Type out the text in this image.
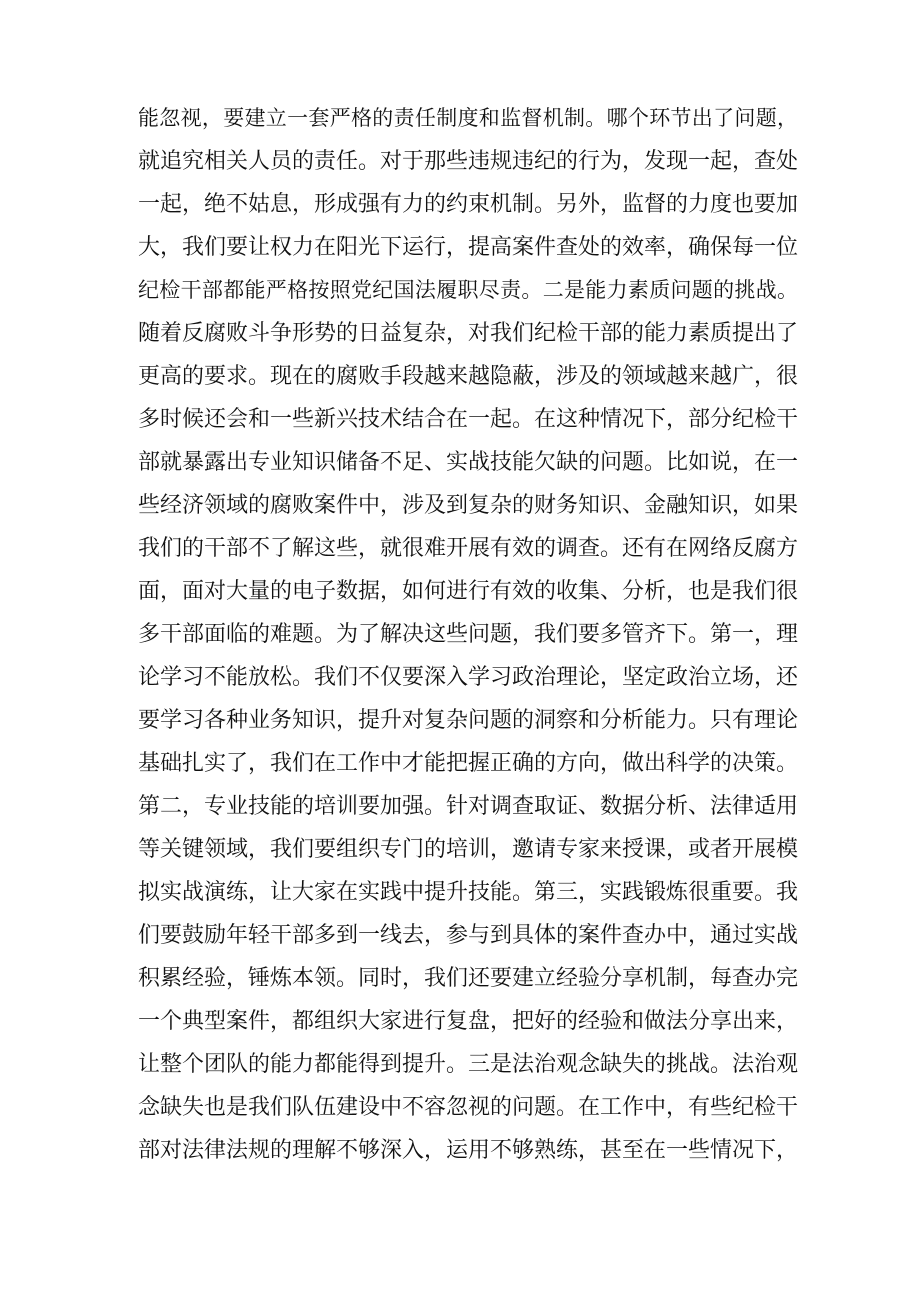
能忽视，要建立一套严格的责任制度和监督机制。哪个环节出了问题，
就追究相关人员的责任。对于那些违规违纪的行为，发现一起，查处
一起，绝不姑息，形成强有力的约束机制。另外，监督的力度也要加
大，我们要让权力在阳光下运行，提高案件查处的效率，确保每一位
纪检干部都能严格按照党纪国法履职尽责。二是能力素质问题的挑战。
随着反腐败斗争形势的日益复杂，对我们纪检干部的能力素质提出了
更高的要求。现在的腐败手段越来越隐蔽，涉及的领域越来越广，很
多时候还会和一些新兴技术结合在一起。在这种情况下，部分纪检干
部就暴露出专业知识储备不足、实战技能欠缺的问题。比如说，在一
些经济领域的腐败案件中，涉及到复杂的财务知识、金融知识，如果
我们的干部不了解这些，就很难开展有效的调查。还有在网络反腐方
面，面对大量的电子数据，如何进行有效的收集、分析，也是我们很
多干部面临的难题。为了解决这些问题，我们要多管齐下。第一，理
论学习不能放松。我们不仅要深入学习政治理论，坚定政治立场，还
要学习各种业务知识，提升对复杂问题的洞察和分析能力。只有理论
基础扎实了，我们在工作中才能把握正确的方向，做出科学的决策。
第二，专业技能的培训要加强。针对调查取证、数据分析、法律适用
等关键领域，我们要组织专门的培训，邀请专家来授课，或者开展模
拟实战演练，让大家在实践中提升技能。第三，实践锻炼很重要。我
们要鼓励年轻干部多到一线去，参与到具体的案件查办中，通过实战
积累经验，锤炼本领。同时，我们还要建立经验分享机制，每查办完
一个典型案件，都组织大家进行复盘，把好的经验和做法分享出来，
让整个团队的能力都能得到提升。三是法治观念缺失的挑战。法治观
念缺失也是我们队伍建设中不容忽视的问题。在工作中，有些纪检干
部对法律法规的理解不够深入，运用不够熟练，甚至在一些情况下，
